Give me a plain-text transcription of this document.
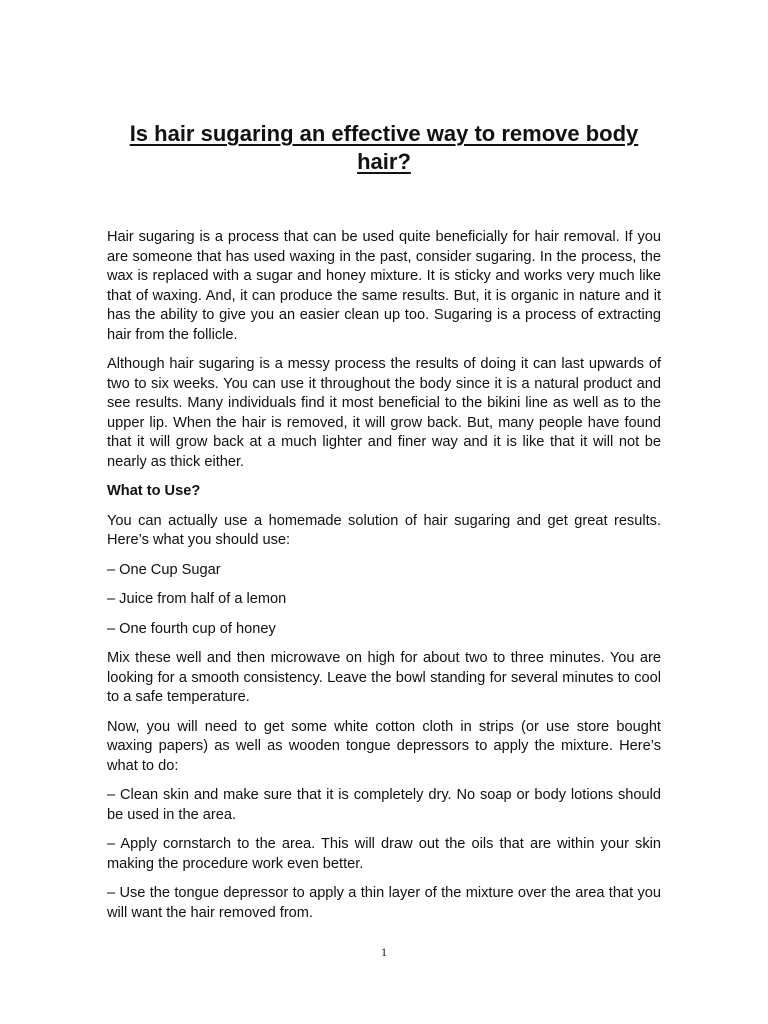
Is hair sugaring an effective way to remove body hair?

Hair sugaring is a process that can be used quite beneficially for hair removal. If you are someone that has used waxing in the past, consider sugaring. In the process, the wax is replaced with a sugar and honey mixture. It is sticky and works very much like that of waxing. And, it can produce the same results. But, it is organic in nature and it has the ability to give you an easier clean up too. Sugaring is a process of extracting hair from the follicle.

Although hair sugaring is a messy process the results of doing it can last upwards of two to six weeks. You can use it throughout the body since it is a natural product and see results. Many individuals find it most beneficial to the bikini line as well as to the upper lip. When the hair is removed, it will grow back. But, many people have found that it will grow back at a much lighter and finer way and it is like that it will not be nearly as thick either.

What to Use?

You can actually use a homemade solution of hair sugaring and get great results. Here’s what you should use:

– One Cup Sugar

– Juice from half of a lemon

– One fourth cup of honey

Mix these well and then microwave on high for about two to three minutes. You are looking for a smooth consistency. Leave the bowl standing for several minutes to cool to a safe temperature.

Now, you will need to get some white cotton cloth in strips (or use store bought waxing papers) as well as wooden tongue depressors to apply the mixture. Here’s what to do:

– Clean skin and make sure that it is completely dry. No soap or body lotions should be used in the area.

– Apply cornstarch to the area. This will draw out the oils that are within your skin making the procedure work even better.

– Use the tongue depressor to apply a thin layer of the mixture over the area that you will want the hair removed from.

1
